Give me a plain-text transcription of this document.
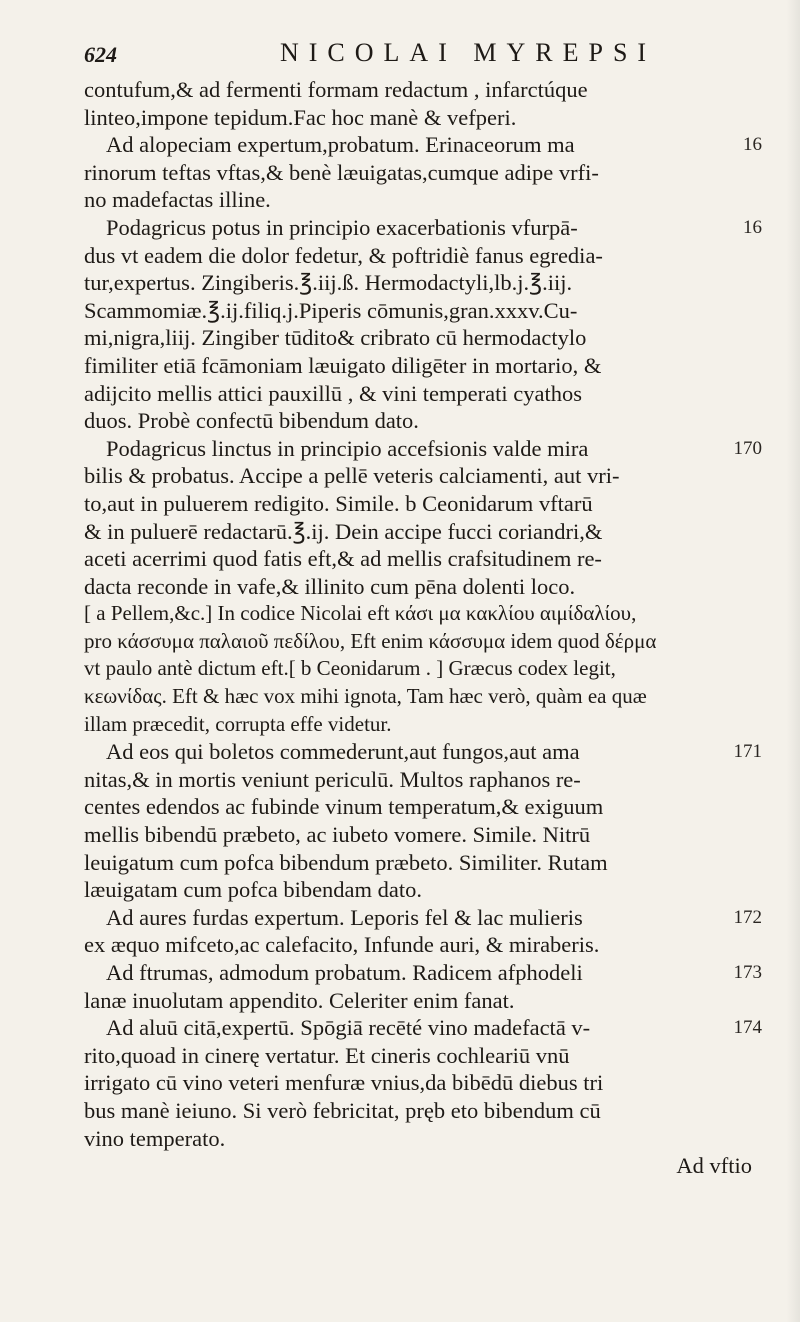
624	NICOLAI MYREPSI
contufum,& ad fermenti formam redactum , infarctúque
linteo,impone tepidum.Fac hoc manè & vefperi.
Ad alopeciam expertum,probatum. Erinaceorum ma	16
rinorum teftas vftas,& benè læuigatas,cumque adipe vrfi-
no madefactas illine.
Podagricus potus in principio exacerbationis vfurpā-	16
dus vt eadem die dolor fedetur, & poftridiè fanus egredia-
tur,expertus. Zingiberis.℥.iij.ß. Hermodactyli,lb.j.℥.iij.
Scammomiæ.℥.ij.filiq.j.Piperis cōmunis,gran.xxxv.Cu-
mi,nigra,liij. Zingiber tūdito& cribrato cū hermodactylo
fimiliter etiā fcāmoniam læuigato diligēter in mortario, &
adijcito mellis attici pauxillū , & vini temperati cyathos
duos. Probè confectū bibendum dato.
Podagricus linctus in principio accefsionis valde mira	170
bilis & probatus. Accipe a pellē veteris calciamenti, aut vri-
to,aut in puluerem redigito. Simile. b Ceonidarum vftarū
& in puluerē redactarū.℥.ij. Dein accipe fucci coriandri,&
aceti acerrimi quod fatis eft,& ad mellis crafsitudinem re-
dacta reconde in vafe,& illinito cum pēna dolenti loco.
[ a Pellem,&c.] In codice Nicolai eft κάσι μα κακλίου αιμίδαλίου,
pro κάσσυμα παλαιοῦ πεδίλου, Eft enim κάσσυμα idem quod δέρμα
vt paulo antè dictum eft.[ b Ceonidarum . ] Græcus codex legit,
κεωνίδας. Eft & hæc vox mihi ignota, Tam hæc verò, quàm ea quæ
illam præcedit, corrupta effe videtur.
Ad eos qui boletos commederunt,aut fungos,aut ama	171
nitas,& in mortis veniunt periculū. Multos raphanos re-
centes edendos ac fubinde vinum temperatum,& exiguum
mellis bibendū præbeto, ac iubeto vomere. Simile. Nitrū
leuigatum cum pofca bibendum præbeto. Similiter. Rutam
læuigatam cum pofca bibendam dato.
Ad aures furdas expertum. Leporis fel & lac mulieris	172
ex æquo mifceto,ac calefacito, Infunde auri, & miraberis.
Ad ftrumas, admodum probatum. Radicem afphodeli	173
lanæ inuolutam appendito. Celeriter enim fanat.
Ad aluū citā,expertū. Spōgiā recēté vino madefactā v-	174
rito,quoad in cinerę vertatur. Et cineris cochleariū vnū
irrigato cū vino veteri menfuræ vnius,da bibēdū diebus tri
bus manè ieiuno. Si verò febricitat, pręb eto bibendum cū
vino temperato.
Ad vftio
